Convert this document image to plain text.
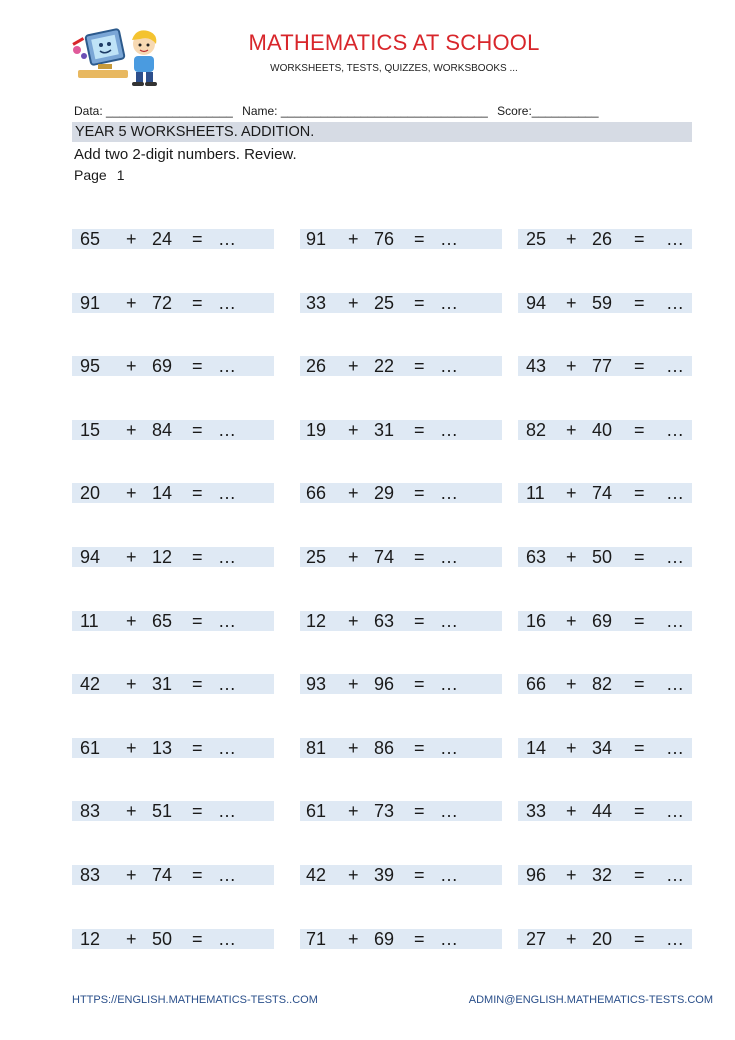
MATHEMATICS AT SCHOOL
WORKSHEETS, TESTS, QUIZZES, WORKSBOOKS ...
Data: ___________________ Name: _______________________________ Score:__________
YEAR 5 WORKSHEETS. ADDITION.
Add two 2-digit numbers. Review.
Page 1
65 + 24 = …	91 + 76 = …	25 + 26 = …
91 + 72 = …	33 + 25 = …	94 + 59 = …
95 + 69 = …	26 + 22 = …	43 + 77 = …
15 + 84 = …	19 + 31 = …	82 + 40 = …
20 + 14 = …	66 + 29 = …	11 + 74 = …
94 + 12 = …	25 + 74 = …	63 + 50 = …
11 + 65 = …	12 + 63 = …	16 + 69 = …
42 + 31 = …	93 + 96 = …	66 + 82 = …
61 + 13 = …	81 + 86 = …	14 + 34 = …
83 + 51 = …	61 + 73 = …	33 + 44 = …
83 + 74 = …	42 + 39 = …	96 + 32 = …
12 + 50 = …	71 + 69 = …	27 + 20 = …
HTTPS://ENGLISH.MATHEMATICS-TESTS..COM	ADMIN@ENGLISH.MATHEMATICS-TESTS.COM
